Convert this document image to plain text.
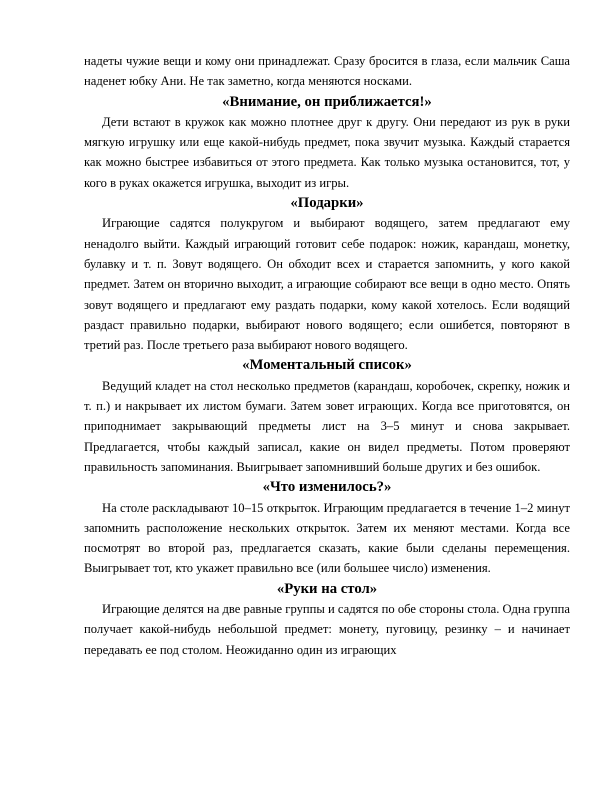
надеты чужие вещи и кому они принадлежат. Сразу бросится в глаза, если мальчик Саша наденет юбку Ани. Не так заметно, когда меняются носками.

«Внимание, он приближается!»

Дети встают в кружок как можно плотнее друг к другу. Они передают из рук в руки мягкую игрушку или еще какой-нибудь предмет, пока звучит музыка. Каждый старается как можно быстрее избавиться от этого предмета. Как только музыка остановится, тот, у кого в руках окажется игрушка, выходит из игры.

«Подарки»

Играющие садятся полукругом и выбирают водящего, затем предлагают ему ненадолго выйти. Каждый играющий готовит себе подарок: ножик, карандаш, монетку, булавку и т. п. Зовут водящего. Он обходит всех и старается запомнить, у кого какой предмет. Затем он вторично выходит, а играющие собирают все вещи в одно место. Опять зовут водящего и предлагают ему раздать подарки, кому какой хотелось. Если водящий раздаст правильно подарки, выбирают нового водящего; если ошибется, повторяют в третий раз. После третьего раза выбирают нового водящего.

«Моментальный список»

Ведущий кладет на стол несколько предметов (карандаш, коробочек, скрепку, ножик и т. п.) и накрывает их листом бумаги. Затем зовет играющих. Когда все приготовятся, он приподнимает закрывающий предметы лист на 3–5 минут и снова закрывает. Предлагается, чтобы каждый записал, какие он видел предметы. Потом проверяют правильность запоминания. Выигрывает запомнивший больше других и без ошибок.

«Что изменилось?»

На столе раскладывают 10–15 открыток. Играющим предлагается в течение 1–2 минут запомнить расположение нескольких открыток. Затем их меняют местами. Когда все посмотрят во второй раз, предлагается сказать, какие были сделаны перемещения. Выигрывает тот, кто укажет правильно все (или большее число) изменения.

«Руки на стол»

Играющие делятся на две равные группы и садятся по обе стороны стола. Одна группа получает какой-нибудь небольшой предмет: монету, пуговицу, резинку – и начинает передавать ее под столом. Неожиданно один из играющих
